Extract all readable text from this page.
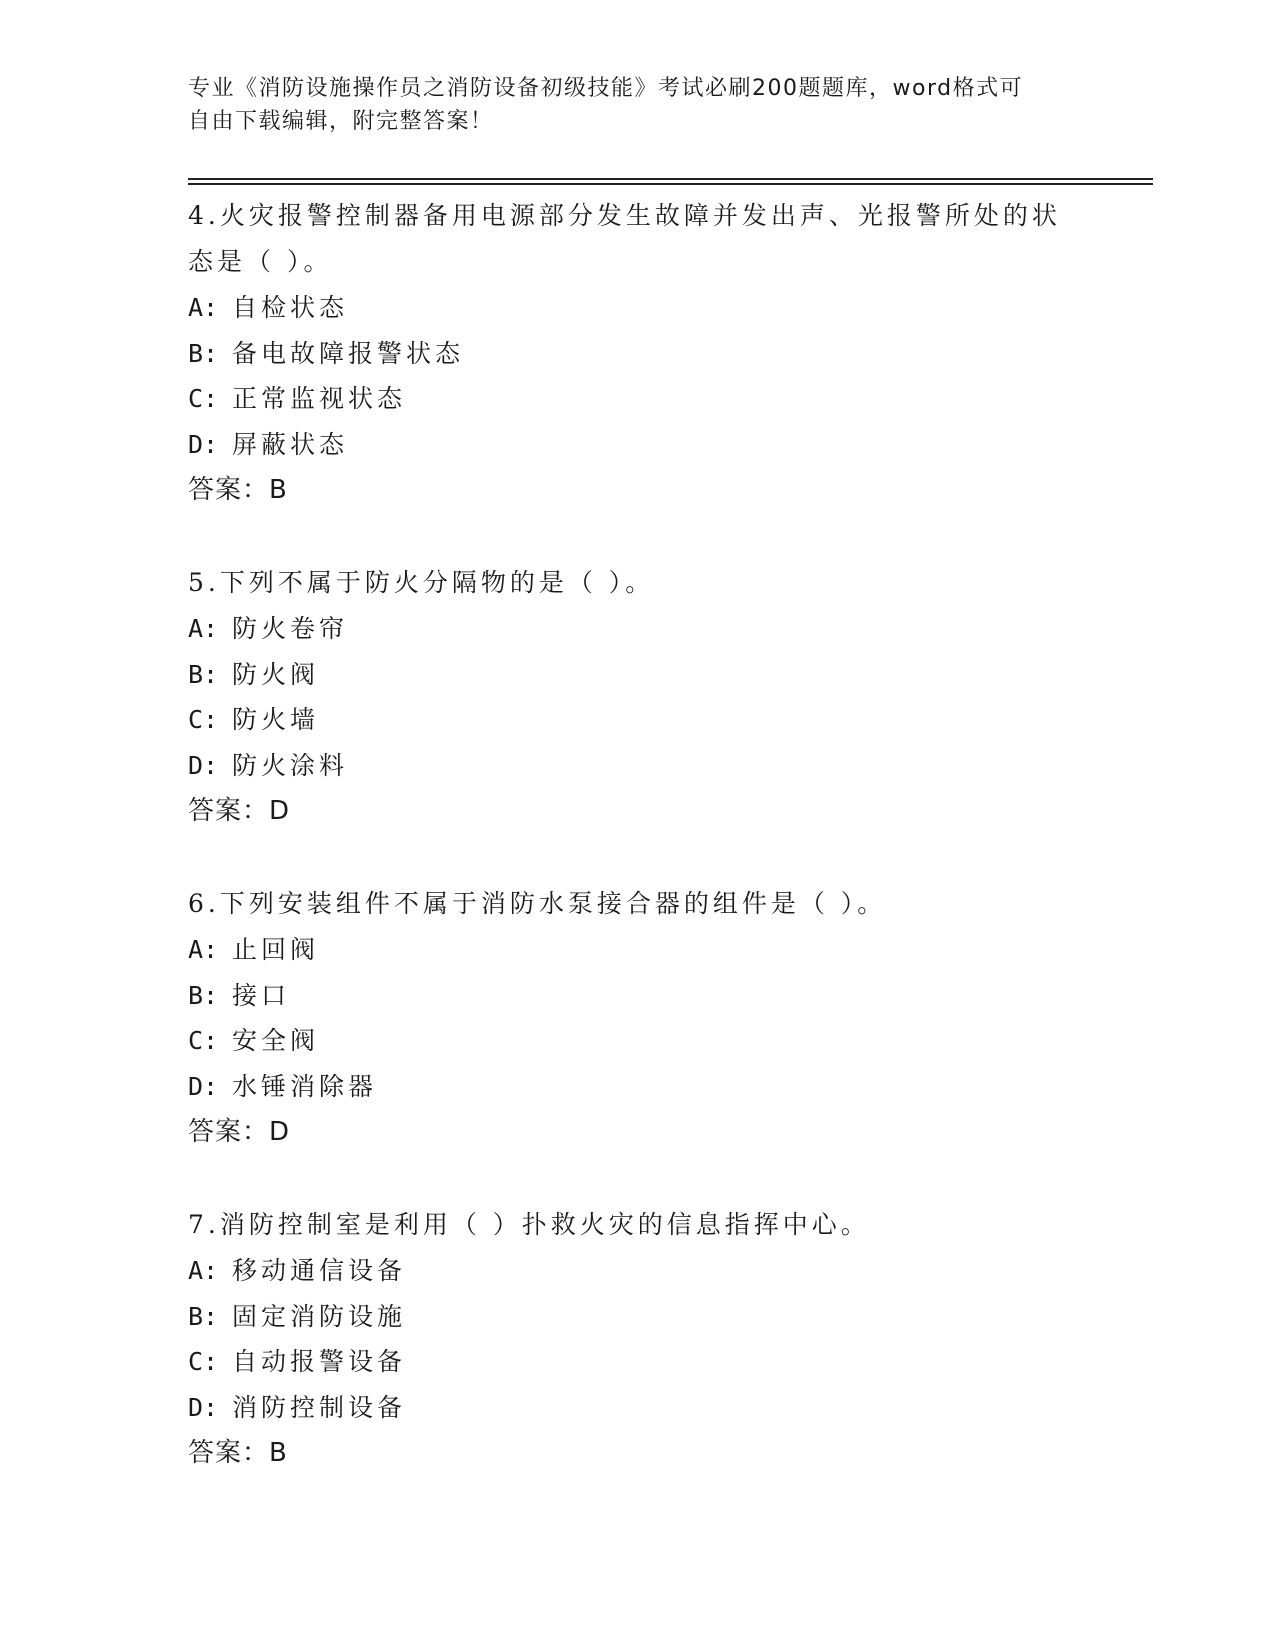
专业《消防设施操作员之消防设备初级技能》考试必刷200题题库，word格式可
自由下载编辑，附完整答案！
4.火灾报警控制器备用电源部分发生故障并发出声、光报警所处的状
态是（ ）。
A: 自检状态
B: 备电故障报警状态
C: 正常监视状态
D: 屏蔽状态
答案：B
5.下列不属于防火分隔物的是（ ）。
A: 防火卷帘
B: 防火阀
C: 防火墙
D: 防火涂料
答案：D
6.下列安装组件不属于消防水泵接合器的组件是（ ）。
A: 止回阀
B: 接口
C: 安全阀
D: 水锤消除器
答案：D
7.消防控制室是利用（ ）扑救火灾的信息指挥中心。
A: 移动通信设备
B: 固定消防设施
C: 自动报警设备
D: 消防控制设备
答案：B
